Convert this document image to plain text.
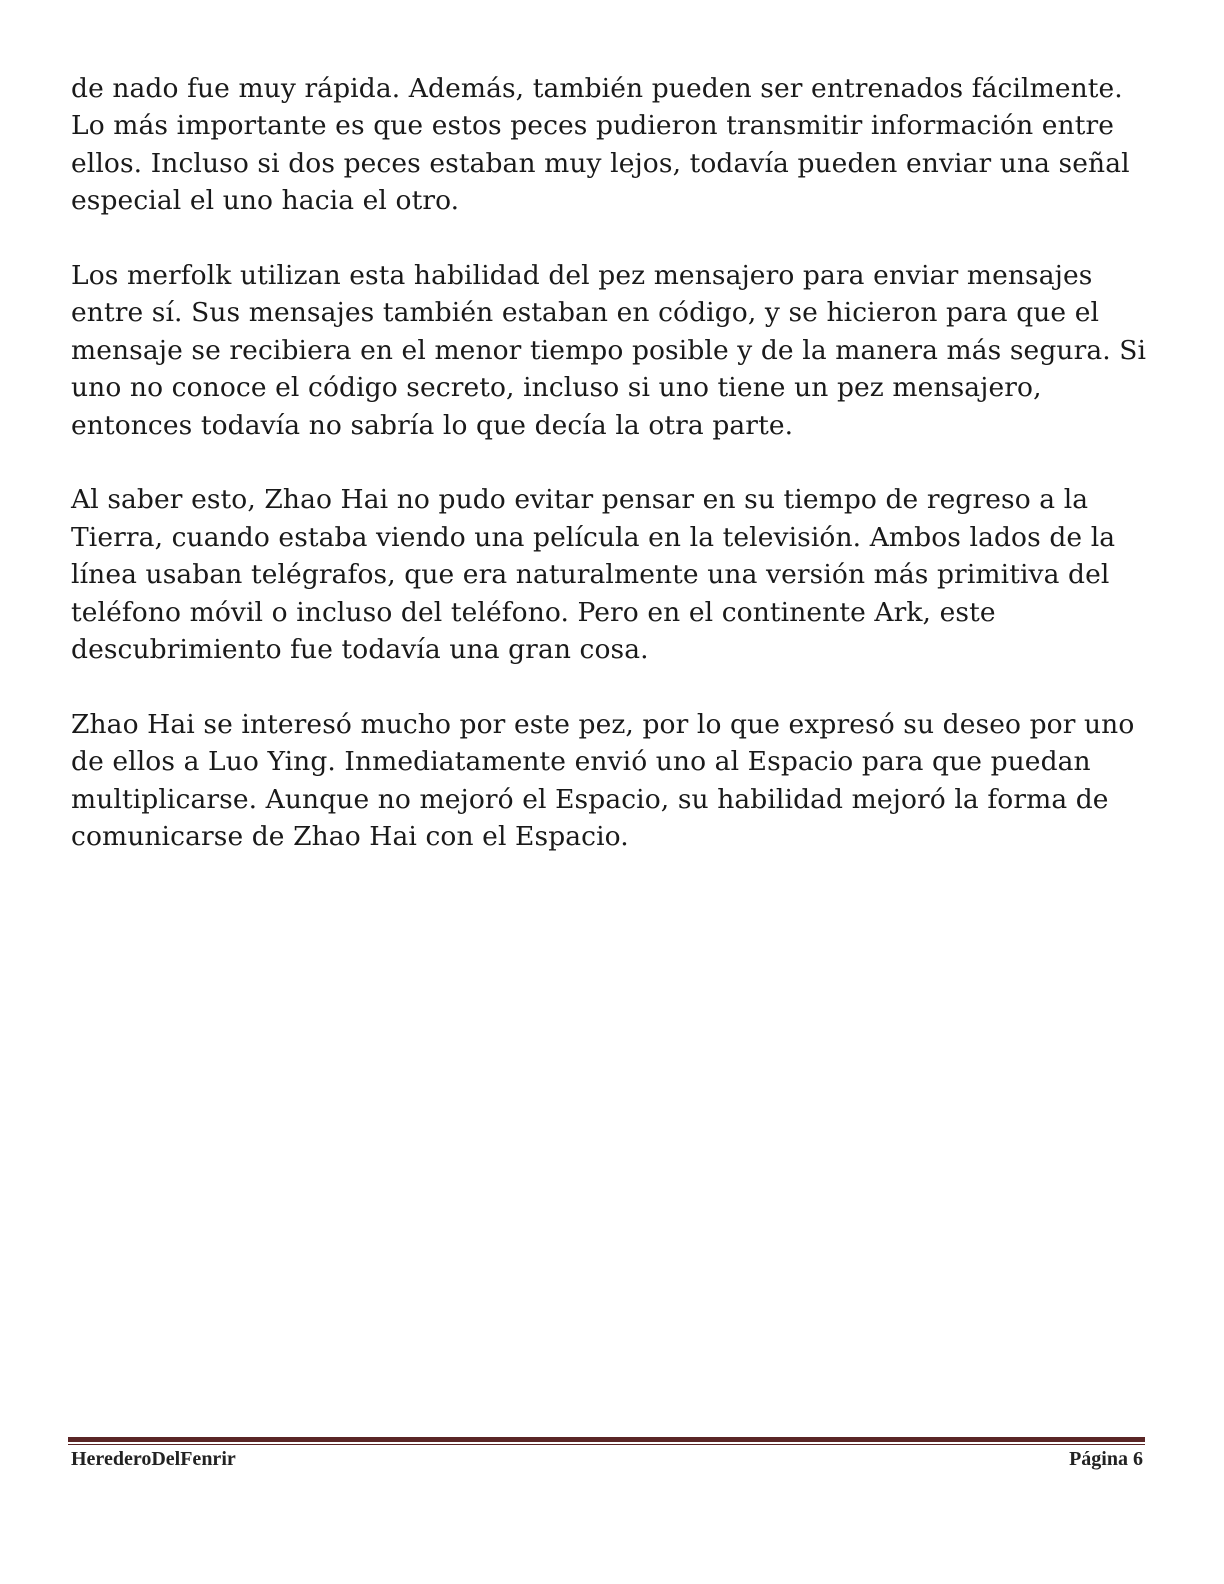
de nado fue muy rápida. Además, también pueden ser entrenados fácilmente.
Lo más importante es que estos peces pudieron transmitir información entre
ellos. Incluso si dos peces estaban muy lejos, todavía pueden enviar una señal
especial el uno hacia el otro.

Los merfolk utilizan esta habilidad del pez mensajero para enviar mensajes
entre sí. Sus mensajes también estaban en código, y se hicieron para que el
mensaje se recibiera en el menor tiempo posible y de la manera más segura. Si
uno no conoce el código secreto, incluso si uno tiene un pez mensajero,
entonces todavía no sabría lo que decía la otra parte.

Al saber esto, Zhao Hai no pudo evitar pensar en su tiempo de regreso a la
Tierra, cuando estaba viendo una película en la televisión. Ambos lados de la
línea usaban telégrafos, que era naturalmente una versión más primitiva del
teléfono móvil o incluso del teléfono. Pero en el continente Ark, este
descubrimiento fue todavía una gran cosa.

Zhao Hai se interesó mucho por este pez, por lo que expresó su deseo por uno
de ellos a Luo Ying. Inmediatamente envió uno al Espacio para que puedan
multiplicarse. Aunque no mejoró el Espacio, su habilidad mejoró la forma de
comunicarse de Zhao Hai con el Espacio.

HerederoDelFenrir	Página 6
